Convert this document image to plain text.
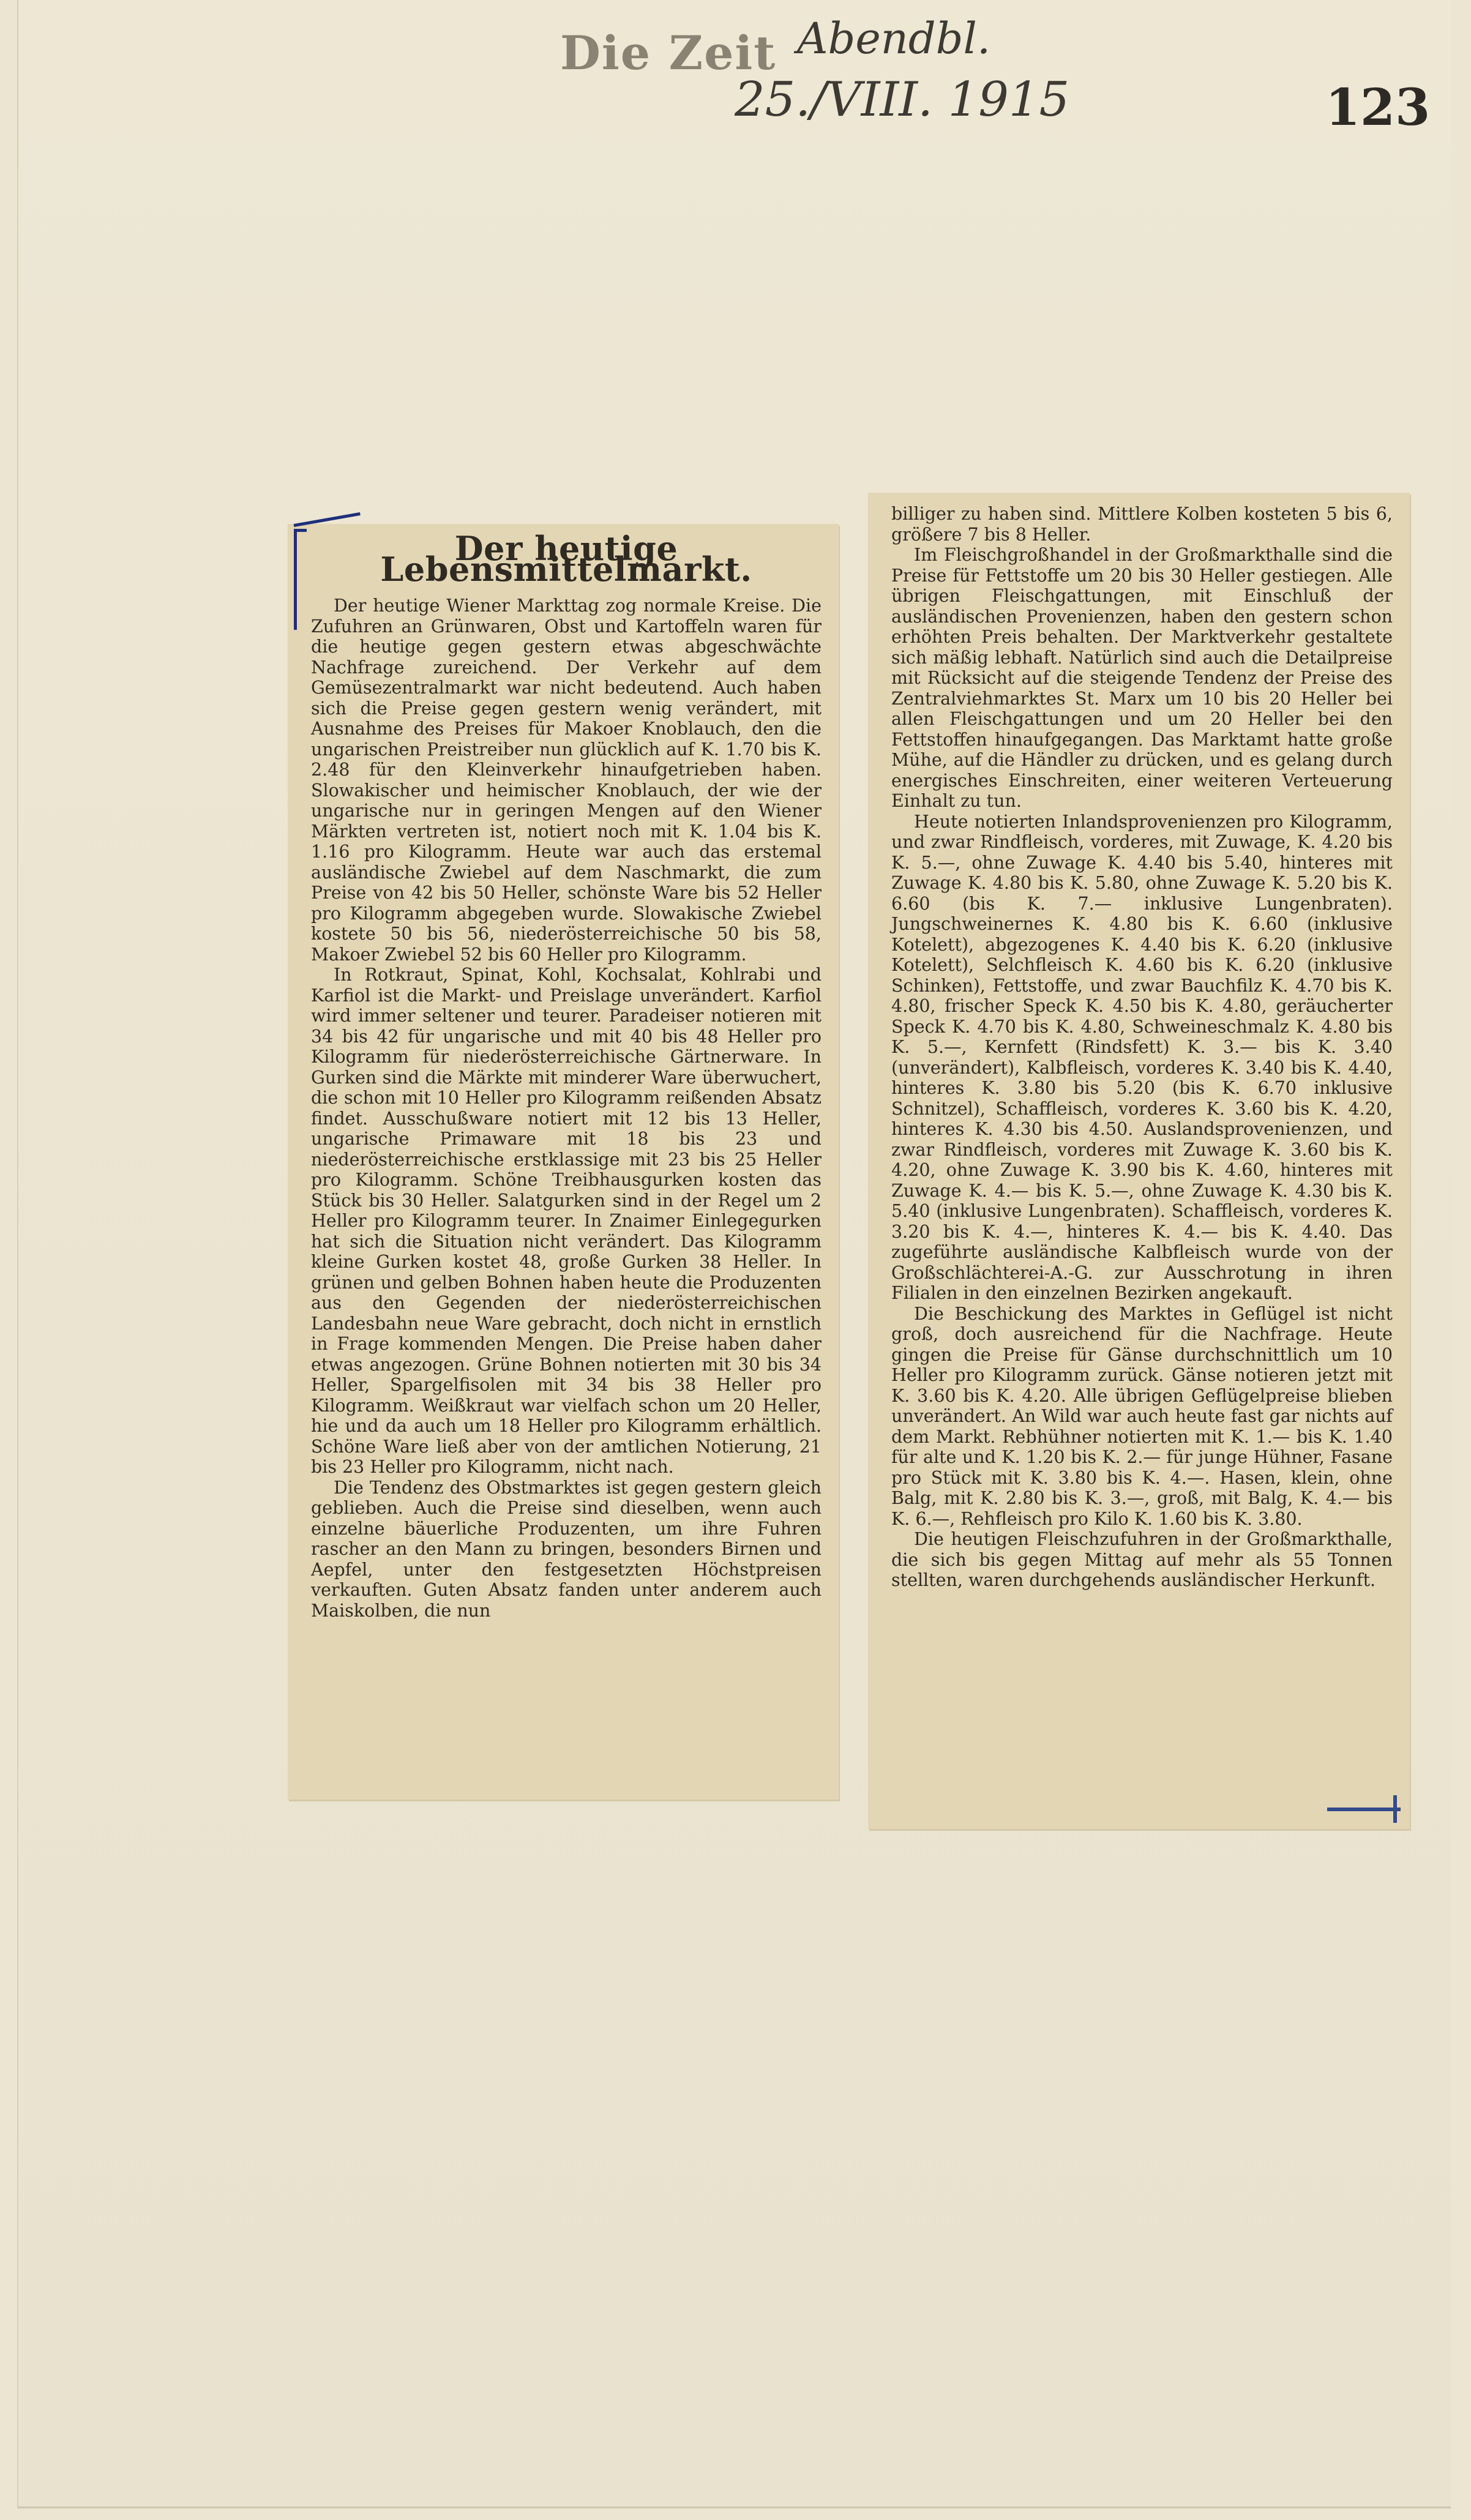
Die Zeit Abendbl.
25./VIII. 1915	123
Der heutige Lebensmittelmarkt.

Der heutige Wiener Markttag zog normale Kreise. Die Zufuhren an Grünwaren, Obst und Kartoffeln waren für die heutige gegen gestern etwas abgeschwächte Nachfrage zureichend. Der Verkehr auf dem Gemüsezentralmarkt war nicht bedeutend. Auch haben sich die Preise gegen gestern wenig verändert, mit Ausnahme des Preises für Makoer Knoblauch, den die ungarischen Preistreiber nun glücklich auf K. 1.70 bis K. 2.48 für den Kleinverkehr hinaufgetrieben haben. Slowakischer und heimischer Knoblauch, der wie der ungarische nur in geringen Mengen auf den Wiener Märkten vertreten ist, notiert noch mit K. 1.04 bis K. 1.16 pro Kilogramm. Heute war auch das erstemal ausländische Zwiebel auf dem Naschmarkt, die zum Preise von 42 bis 50 Heller, schönste Ware bis 52 Heller pro Kilogramm abgegeben wurde. Slowakische Zwiebel kostete 50 bis 56, niederösterreichische 50 bis 58, Makoer Zwiebel 52 bis 60 Heller pro Kilogramm.

In Rotkraut, Spinat, Kohl, Kochsalat, Kohlrabi und Karfiol ist die Markt- und Preislage unverändert. Karfiol wird immer seltener und teurer. Paradeiser notieren mit 34 bis 42 für ungarische und mit 40 bis 48 Heller pro Kilogramm für niederösterreichische Gärtnerware. In Gurken sind die Märkte mit minderer Ware überwuchert, die schon mit 10 Heller pro Kilogramm reißenden Absatz findet. Ausschußware notiert mit 12 bis 13 Heller, ungarische Primaware mit 18 bis 23 und niederösterreichische erstklassige mit 23 bis 25 Heller pro Kilogramm. Schöne Treibhausgurken kosten das Stück bis 30 Heller. Salatgurken sind in der Regel um 2 Heller pro Kilogramm teurer. In Znaimer Einlegegurken hat sich die Situation nicht verändert. Das Kilogramm kleine Gurken kostet 48, große Gurken 38 Heller. In grünen und gelben Bohnen haben heute die Produzenten aus den Gegenden der niederösterreichischen Landesbahn neue Ware gebracht, doch nicht in ernstlich in Frage kommenden Mengen. Die Preise haben daher etwas angezogen. Grüne Bohnen notierten mit 30 bis 34 Heller, Spargelfisolen mit 34 bis 38 Heller pro Kilogramm. Weißkraut war vielfach schon um 20 Heller, hie und da auch um 18 Heller pro Kilogramm erhältlich. Schöne Ware ließ aber von der amtlichen Notierung, 21 bis 23 Heller pro Kilogramm, nicht nach.

Die Tendenz des Obstmarktes ist gegen gestern gleich geblieben. Auch die Preise sind dieselben, wenn auch einzelne bäuerliche Produzenten, um ihre Fuhren rascher an den Mann zu bringen, besonders Birnen und Aepfel, unter den festgesetzten Höchstpreisen verkauften. Guten Absatz fanden unter anderem auch Maiskolben, die nun

billiger zu haben sind. Mittlere Kolben kosteten 5 bis 6, größere 7 bis 8 Heller.

Im Fleischgroßhandel in der Großmarkthalle sind die Preise für Fettstoffe um 20 bis 30 Heller gestiegen. Alle übrigen Fleischgattungen, mit Einschluß der ausländischen Provenienzen, haben den gestern schon erhöhten Preis behalten. Der Marktverkehr gestaltete sich mäßig lebhaft. Natürlich sind auch die Detailpreise mit Rücksicht auf die steigende Tendenz der Preise des Zentralviehmarktes St. Marx um 10 bis 20 Heller bei allen Fleischgattungen und um 20 Heller bei den Fettstoffen hinaufgegangen. Das Marktamt hatte große Mühe, auf die Händler zu drücken, und es gelang durch energisches Einschreiten, einer weiteren Verteuerung Einhalt zu tun.

Heute notierten Inlandsprovenienzen pro Kilogramm, und zwar Rindfleisch, vorderes, mit Zuwage, K. 4.20 bis K. 5.—, ohne Zuwage K. 4.40 bis 5.40, hinteres mit Zuwage K. 4.80 bis K. 5.80, ohne Zuwage K. 5.20 bis K. 6.60 (bis K. 7.— inklusive Lungenbraten). Jungschweinernes K. 4.80 bis K. 6.60 (inklusive Kotelett), abgezogenes K. 4.40 bis K. 6.20 (inklusive Kotelett), Selchfleisch K. 4.60 bis K. 6.20 (inklusive Schinken), Fettstoffe, und zwar Bauchfilz K. 4.70 bis K. 4.80, frischer Speck K. 4.50 bis K. 4.80, geräucherter Speck K. 4.70 bis K. 4.80, Schweineschmalz K. 4.80 bis K. 5.—, Kernfett (Rindsfett) K. 3.— bis K. 3.40 (unverändert), Kalbfleisch, vorderes K. 3.40 bis K. 4.40, hinteres K. 3.80 bis 5.20 (bis K. 6.70 inklusive Schnitzel), Schaffleisch, vorderes K. 3.60 bis K. 4.20, hinteres K. 4.30 bis 4.50. Auslandsprovenienzen, und zwar Rindfleisch, vorderes mit Zuwage K. 3.60 bis K. 4.20, ohne Zuwage K. 3.90 bis K. 4.60, hinteres mit Zuwage K. 4.— bis K. 5.—, ohne Zuwage K. 4.30 bis K. 5.40 (inklusive Lungenbraten). Schaffleisch, vorderes K. 3.20 bis K. 4.—, hinteres K. 4.— bis K. 4.40. Das zugeführte ausländische Kalbfleisch wurde von der Großschlächterei-A.-G. zur Ausschrotung in ihren Filialen in den einzelnen Bezirken angekauft.

Die Beschickung des Marktes in Geflügel ist nicht groß, doch ausreichend für die Nachfrage. Heute gingen die Preise für Gänse durchschnittlich um 10 Heller pro Kilogramm zurück. Gänse notieren jetzt mit K. 3.60 bis K. 4.20. Alle übrigen Geflügelpreise blieben unverändert. An Wild war auch heute fast gar nichts auf dem Markt. Rebhühner notierten mit K. 1.— bis K. 1.40 für alte und K. 1.20 bis K. 2.— für junge Hühner, Fasane pro Stück mit K. 3.80 bis K. 4.—. Hasen, klein, ohne Balg, mit K. 2.80 bis K. 3.—, groß, mit Balg, K. 4.— bis K. 6.—, Rehfleisch pro Kilo K. 1.60 bis K. 3.80.

Die heutigen Fleischzufuhren in der Großmarkthalle, die sich bis gegen Mittag auf mehr als 55 Tonnen stellten, waren durchgehends ausländischer Herkunft.
